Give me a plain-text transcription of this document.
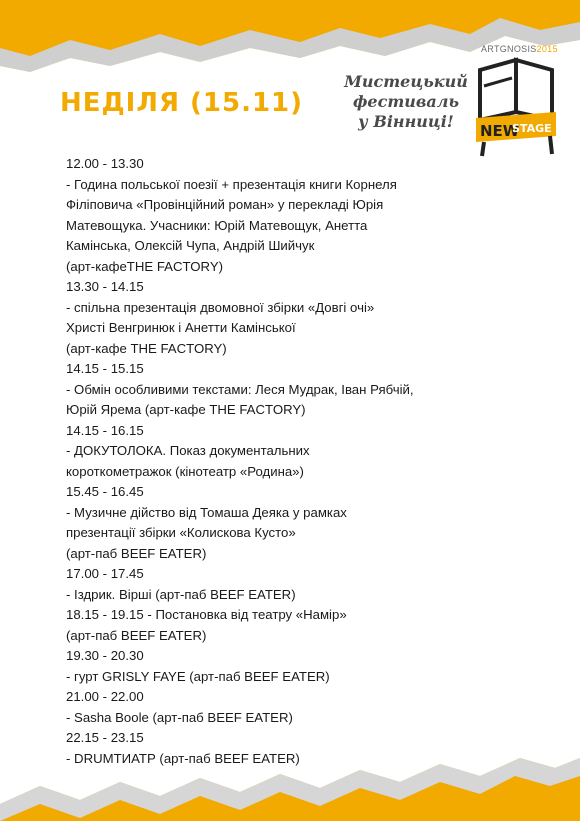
НЕДІЛЯ (15.11)
Мистецький
фестиваль
у Вінниці!
ARTGNOSIS2015
NEW
STAGE
12.00 - 13.30
- Година польської поезії + презентація книги Корнеля
Філіповича «Провінційний роман» у перекладі Юрія
Матевощука. Учасники: Юрій Матевощук, Анетта
Камінська, Олексій Чупа, Андрій Шийчук
(арт-кафеTHE FACTORY)
13.30 - 14.15
- спільна презентація двомовної збірки «Довгі очі»
Христі Венгринюк і Анетти Камінської
(арт-кафе THE FACTORY)
14.15 - 15.15
- Обмін особливими текстами: Леся Мудрак, Іван Рябчій,
Юрій Ярема (арт-кафе THE FACTORY)
14.15 - 16.15
- ДОКУТОЛОКА. Показ документальних
короткометражок (кінотеатр «Родина»)
15.45 - 16.45
- Музичне дійство від Томаша Деяка у рамках
презентації збірки «Колискова Кусто»
(арт-паб BEEF EATER)
17.00 - 17.45
- Іздрик. Вірші (арт-паб BEEF EATER)
18.15 - 19.15 - Постановка від театру «Намір»
(арт-паб BEEF EATER)
19.30 - 20.30
- гурт GRISLY FAYE (арт-паб BEEF EATER)
21.00 - 22.00
- Sasha Boole (арт-паб BEEF EATER)
22.15 - 23.15
- DRUMТИАТР (арт-паб BEEF EATER)
